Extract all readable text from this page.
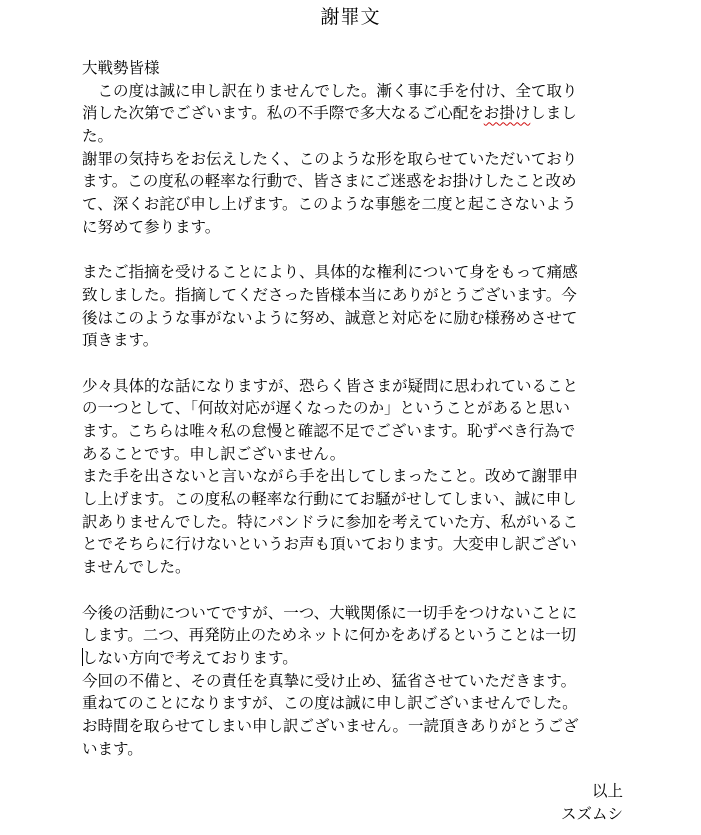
謝罪文
大戦勢皆様
　この度は誠に申し訳在りませんでした。漸く事に手を付け、全て取り
消した次第でございます。私の不手際で多大なるご心配をお掛けしまし
た。
謝罪の気持ちをお伝えしたく、このような形を取らせていただいており
ます。この度私の軽率な行動で、皆さまにご迷惑をお掛けしたこと改め
て、深くお詫び申し上げます。このような事態を二度と起こさないよう
に努めて参ります。
またご指摘を受けることにより、具体的な権利について身をもって痛感
致しました。指摘してくださった皆様本当にありがとうございます。今
後はこのような事がないように努め、誠意と対応をに励む様務めさせて
頂きます。
少々具体的な話になりますが、恐らく皆さまが疑問に思われていること
の一つとして、「何故対応が遅くなったのか」ということがあると思い
ます。こちらは唯々私の怠慢と確認不足でございます。恥ずべき行為で
あることです。申し訳ございません。
また手を出さないと言いながら手を出してしまったこと。改めて謝罪申
し上げます。この度私の軽率な行動にてお騒がせしてしまい、誠に申し
訳ありませんでした。特にパンドラに参加を考えていた方、私がいるこ
とでそちらに行けないというお声も頂いております。大変申し訳ござい
ませんでした。
今後の活動についてですが、一つ、大戦関係に一切手をつけないことに
します。二つ、再発防止のためネットに何かをあげるということは一切
しない方向で考えております。
今回の不備と、その責任を真摯に受け止め、猛省させていただきます。
重ねてのことになりますが、この度は誠に申し訳ございませんでした。
お時間を取らせてしまい申し訳ございません。一読頂きありがとうござ
います。
以上
スズムシ
